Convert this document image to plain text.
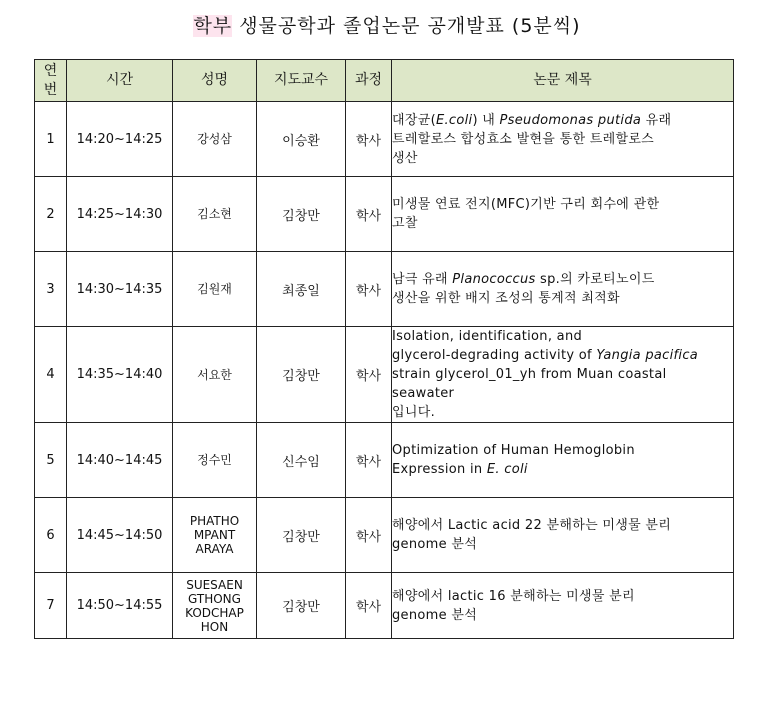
학부 생물공학과 졸업논문 공개발표 (5분씩)
연
번	시간	성명	지도교수	과정	논문 제목
1	14:20~14:25	강성삼	이승환	학사	대장균(E.coli) 내 Pseudomonas putida 유래
트레할로스 합성효소 발현을 통한 트레할로스
생산

2	14:25~14:30	김소현	김창만	학사	미생물 연료 전지(MFC)기반 구리 회수에 관한
고찰

3	14:30~14:35	김원재	최종일	학사	남극 유래 Planococcus sp.의 카로티노이드
생산을 위한 배지 조성의 통계적 최적화

4	14:35~14:40	서요한	김창만	학사	Isolation, identification, and
glycerol-degrading activity of Yangia pacifica
strain glycerol_01_yh from Muan coastal
seawater
입니다.

5	14:40~14:45	정수민	신수임	학사	Optimization of Human Hemoglobin
Expression in E. coli

6	14:45~14:50	PHATHO
MPANT
ARAYA	김창만	학사	해양에서 Lactic acid 22 분해하는 미생물 분리
genome 분석

7	14:50~14:55	SUESAEN
GTHONG
KODCHAP
HON	김창만	학사	해양에서 lactic 16 분해하는 미생물 분리
genome 분석
